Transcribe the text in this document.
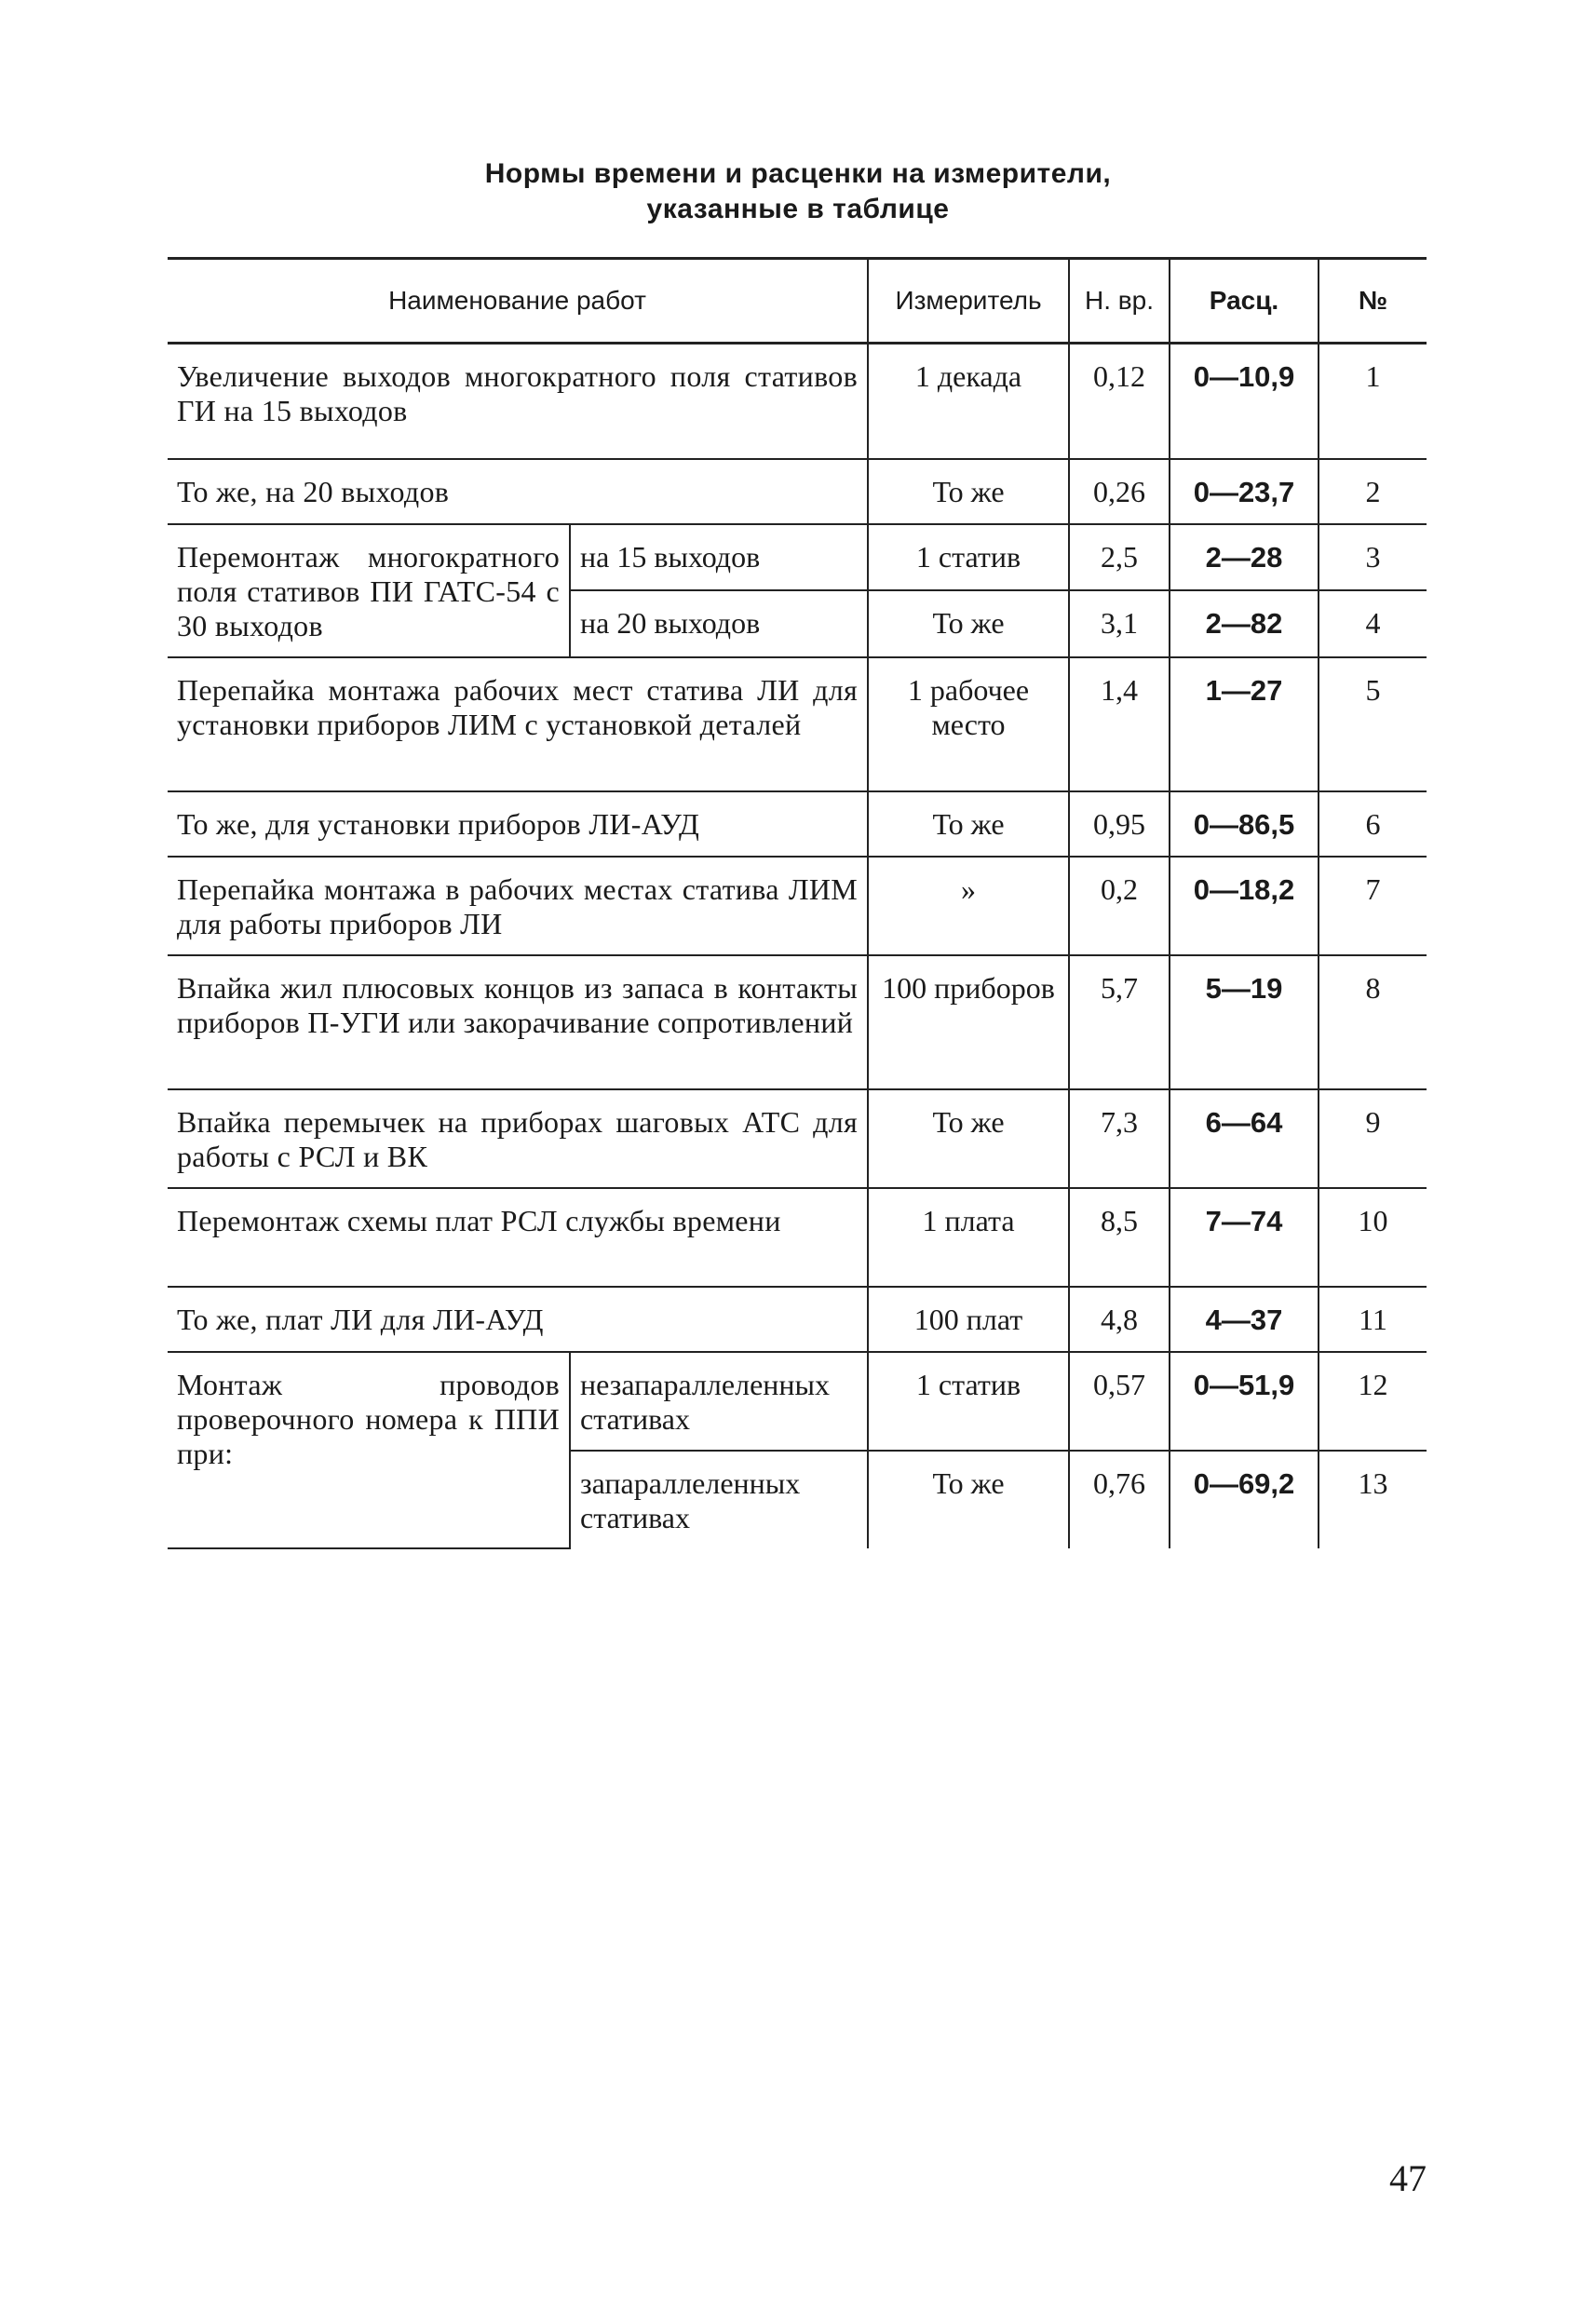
Нормы времени и расценки на измерители,
указанные в таблице
Наименование работ		Измеритель	Н. вр.	Расц.	№
Увеличение выходов многократного поля стативов ГИ на 15 выходов		1 декада	0,12	0—10,9	1
То же, на 20 выходов		То же	0,26	0—23,7	2
Перемонтаж многократного поля стативов ПИ ГАТС-54 с 30 выходов	на 15 выходов	1 статив	2,5	2—28	3
	на 20 выходов	То же	3,1	2—82	4
Перепайка монтажа рабочих мест статива ЛИ для установки приборов ЛИМ с установкой деталей		1 рабочее место	1,4	1—27	5
То же, для установки приборов ЛИ-АУД		То же	0,95	0—86,5	6
Перепайка монтажа в рабочих местах статива ЛИМ для работы приборов ЛИ		»	0,2	0—18,2	7
Впайка жил плюсовых концов из запаса в контакты приборов П-УГИ или закорачивание сопротивлений		100 приборов	5,7	5—19	8
Впайка перемычек на приборах шаговых АТС для работы с РСЛ и ВК		То же	7,3	6—64	9
Перемонтаж схемы плат РСЛ службы времени		1 плата	8,5	7—74	10
То же, плат ЛИ для ЛИ-АУД		100 плат	4,8	4—37	11
Монтаж проводов проверочного номера к ППИ при:	незапараллеленных стативах	1 статив	0,57	0—51,9	12
	запараллеленных стативах	То же	0,76	0—69,2	13
47
